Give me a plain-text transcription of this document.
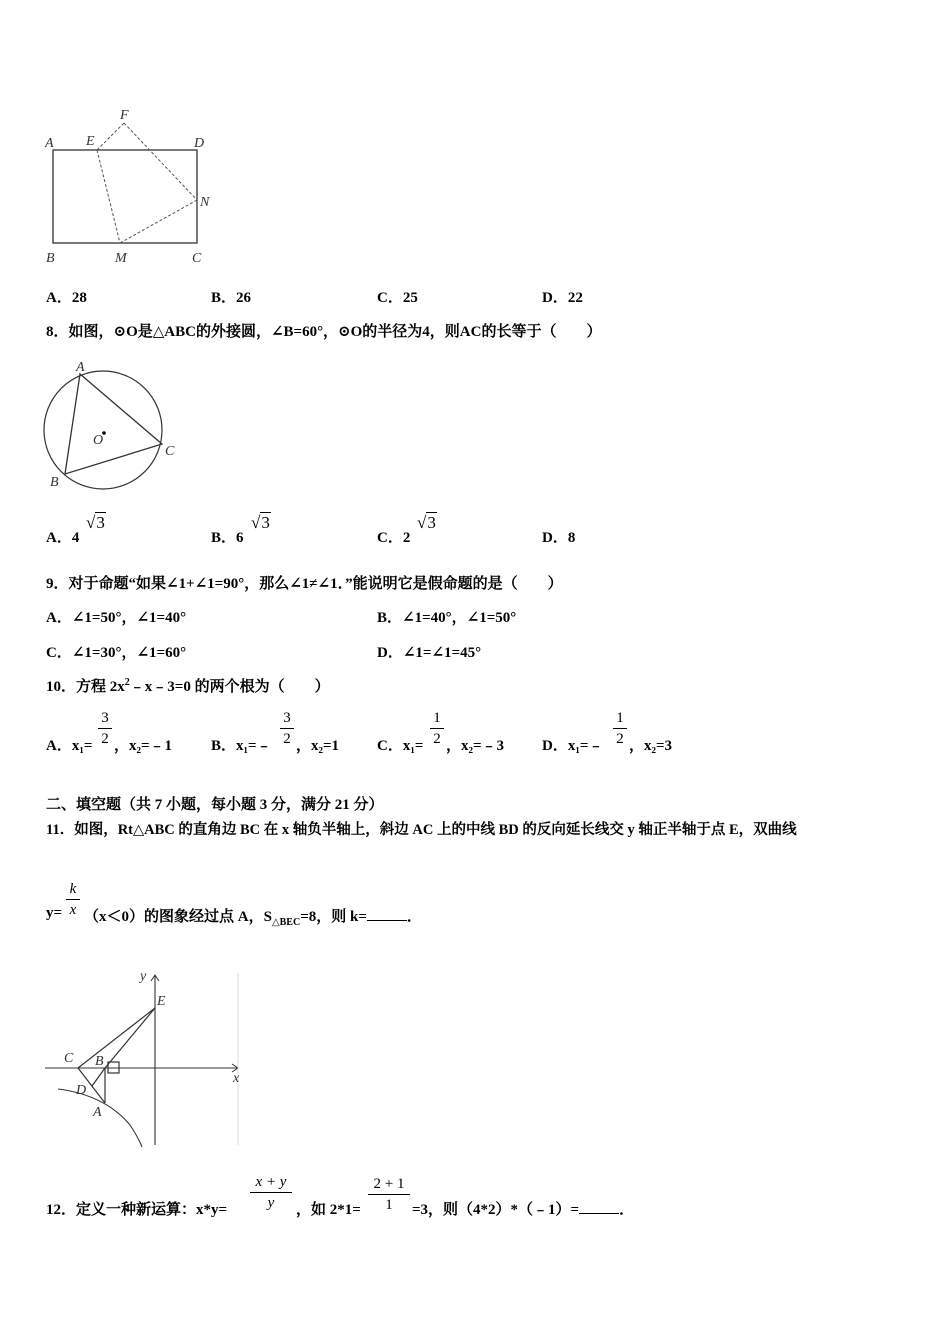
A E
F
D
N
B	M	C
A．28	B．26	C．25	D．22
8．如图，⊙O是△ABC的外接圆，∠B=60°，⊙O的半径为4，则AC的长等于（　　）
A
O
C
B
A．4
√3
B．6
√3
C．2
√3
D．8
9．对于命题“如果∠1+∠1=90°，那么∠1≠∠1．”能说明它是假命题的是（　　）
A．∠1=50°，∠1=40°	B．∠1=40°，∠1=50°
C．∠1=30°，∠1=60°	D．∠1=∠1=45°
10．方程 $2x^2﹣x﹣3=0$ 的两个根为（　　）
A．x₁=
3
2 ，x₂=﹣1	B．x₁=﹣
3
2 ，x₂=1	C．x₁=
1
2 ，x₂=﹣3	D．x₁=﹣
1
2 ，x₂=3
二、填空题（共 7 小题，每小题 3 分，满分 21 分）
11．如图，Rt△ABC 的直角边 BC 在 x 轴负半轴上，斜边 AC 上的中线 BD 的反向延长线交 y 轴正半轴于点 E，双曲线
y=
k
x （x＜0）的图象经过点 A，$S_{\triangle BEC}=8$，则 k=	．
y
E
C B
D
A
x
12．定义一种新运算：x*y=
x + y
y	，如 2*1=
2 + 1
1	=3，则（4*2）*（﹣1）=	．
